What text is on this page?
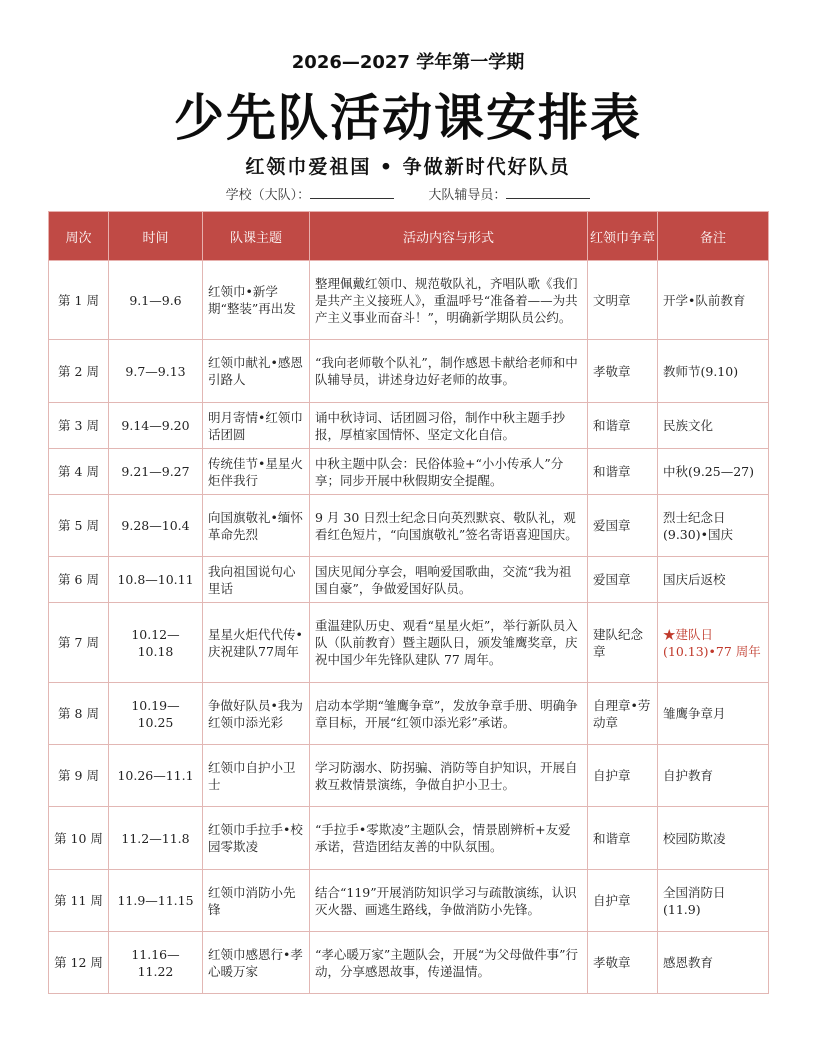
2026—2027 学年第一学期
少先队活动课安排表
红领巾爱祖国 • 争做新时代好队员
学校（大队）：	大队辅导员：
周次	时间	队课主题	活动内容与形式	红领巾争章	备注
第 1 周	9.1—9.6	红领巾•新学期“整装”再出发	整理佩戴红领巾、规范敬队礼，齐唱队歌《我们是共产主义接班人》，重温呼号“准备着——为共产主义事业而奋斗！”，明确新学期队员公约。	文明章	开学•队前教育
第 2 周	9.7—9.13	红领巾献礼•感恩引路人	“我向老师敬个队礼”，制作感恩卡献给老师和中队辅导员，讲述身边好老师的故事。	孝敬章	教师节(9.10)
第 3 周	9.14—9.20	明月寄情•红领巾话团圆	诵中秋诗词、话团圆习俗，制作中秋主题手抄报，厚植家国情怀、坚定文化自信。	和谐章	民族文化
第 4 周	9.21—9.27	传统佳节•星星火炬伴我行	中秋主题中队会：民俗体验+“小小传承人”分享；同步开展中秋假期安全提醒。	和谐章	中秋(9.25—27)
第 5 周	9.28—10.4	向国旗敬礼•缅怀革命先烈	9 月 30 日烈士纪念日向英烈默哀、敬队礼，观看红色短片，“向国旗敬礼”签名寄语喜迎国庆。	爱国章	烈士纪念日(9.30)•国庆
第 6 周	10.8—10.11	我向祖国说句心里话	国庆见闻分享会，唱响爱国歌曲，交流“我为祖国自豪”，争做爱国好队员。	爱国章	国庆后返校
第 7 周	10.12—10.18	星星火炬代代传•庆祝建队77周年	重温建队历史、观看“星星火炬”，举行新队员入队（队前教育）暨主题队日，颁发雏鹰奖章，庆祝中国少年先锋队建队 77 周年。	建队纪念章	★建队日(10.13)•77 周年
第 8 周	10.19—10.25	争做好队员•我为红领巾添光彩	启动本学期“雏鹰争章”，发放争章手册、明确争章目标，开展“红领巾添光彩”承诺。	自理章•劳动章	雏鹰争章月
第 9 周	10.26—11.1	红领巾自护小卫士	学习防溺水、防拐骗、消防等自护知识，开展自救互救情景演练，争做自护小卫士。	自护章	自护教育
第 10 周	11.2—11.8	红领巾手拉手•校园零欺凌	“手拉手•零欺凌”主题队会，情景剧辨析+友爱承诺，营造团结友善的中队氛围。	和谐章	校园防欺凌
第 11 周	11.9—11.15	红领巾消防小先锋	结合“119”开展消防知识学习与疏散演练，认识灭火器、画逃生路线，争做消防小先锋。	自护章	全国消防日(11.9)
第 12 周	11.16—11.22	红领巾感恩行•孝心暖万家	“孝心暖万家”主题队会，开展“为父母做件事”行动，分享感恩故事，传递温情。	孝敬章	感恩教育
